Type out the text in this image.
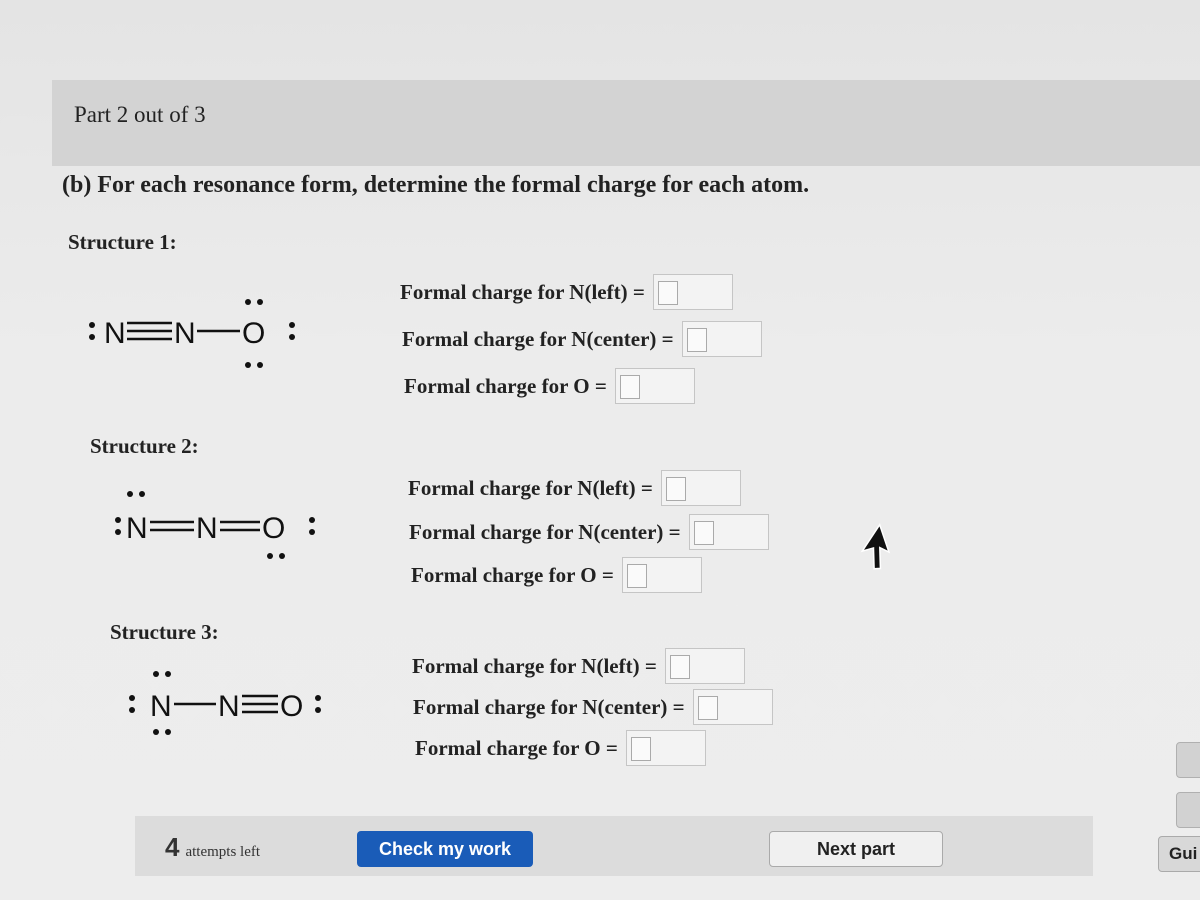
Part 2 out of 3
(b) For each resonance form, determine the formal charge for each atom.
Structure 1:
N N O
Formal charge for N(left) =
Formal charge for N(center) =
Formal charge for O =
Structure 2:
N N O
Formal charge for N(left) =
Formal charge for N(center) =
Formal charge for O =
Structure 3:
N N O
Formal charge for N(left) =
Formal charge for N(center) =
Formal charge for O =
4 attempts left	Check my work	Next part	Gui
